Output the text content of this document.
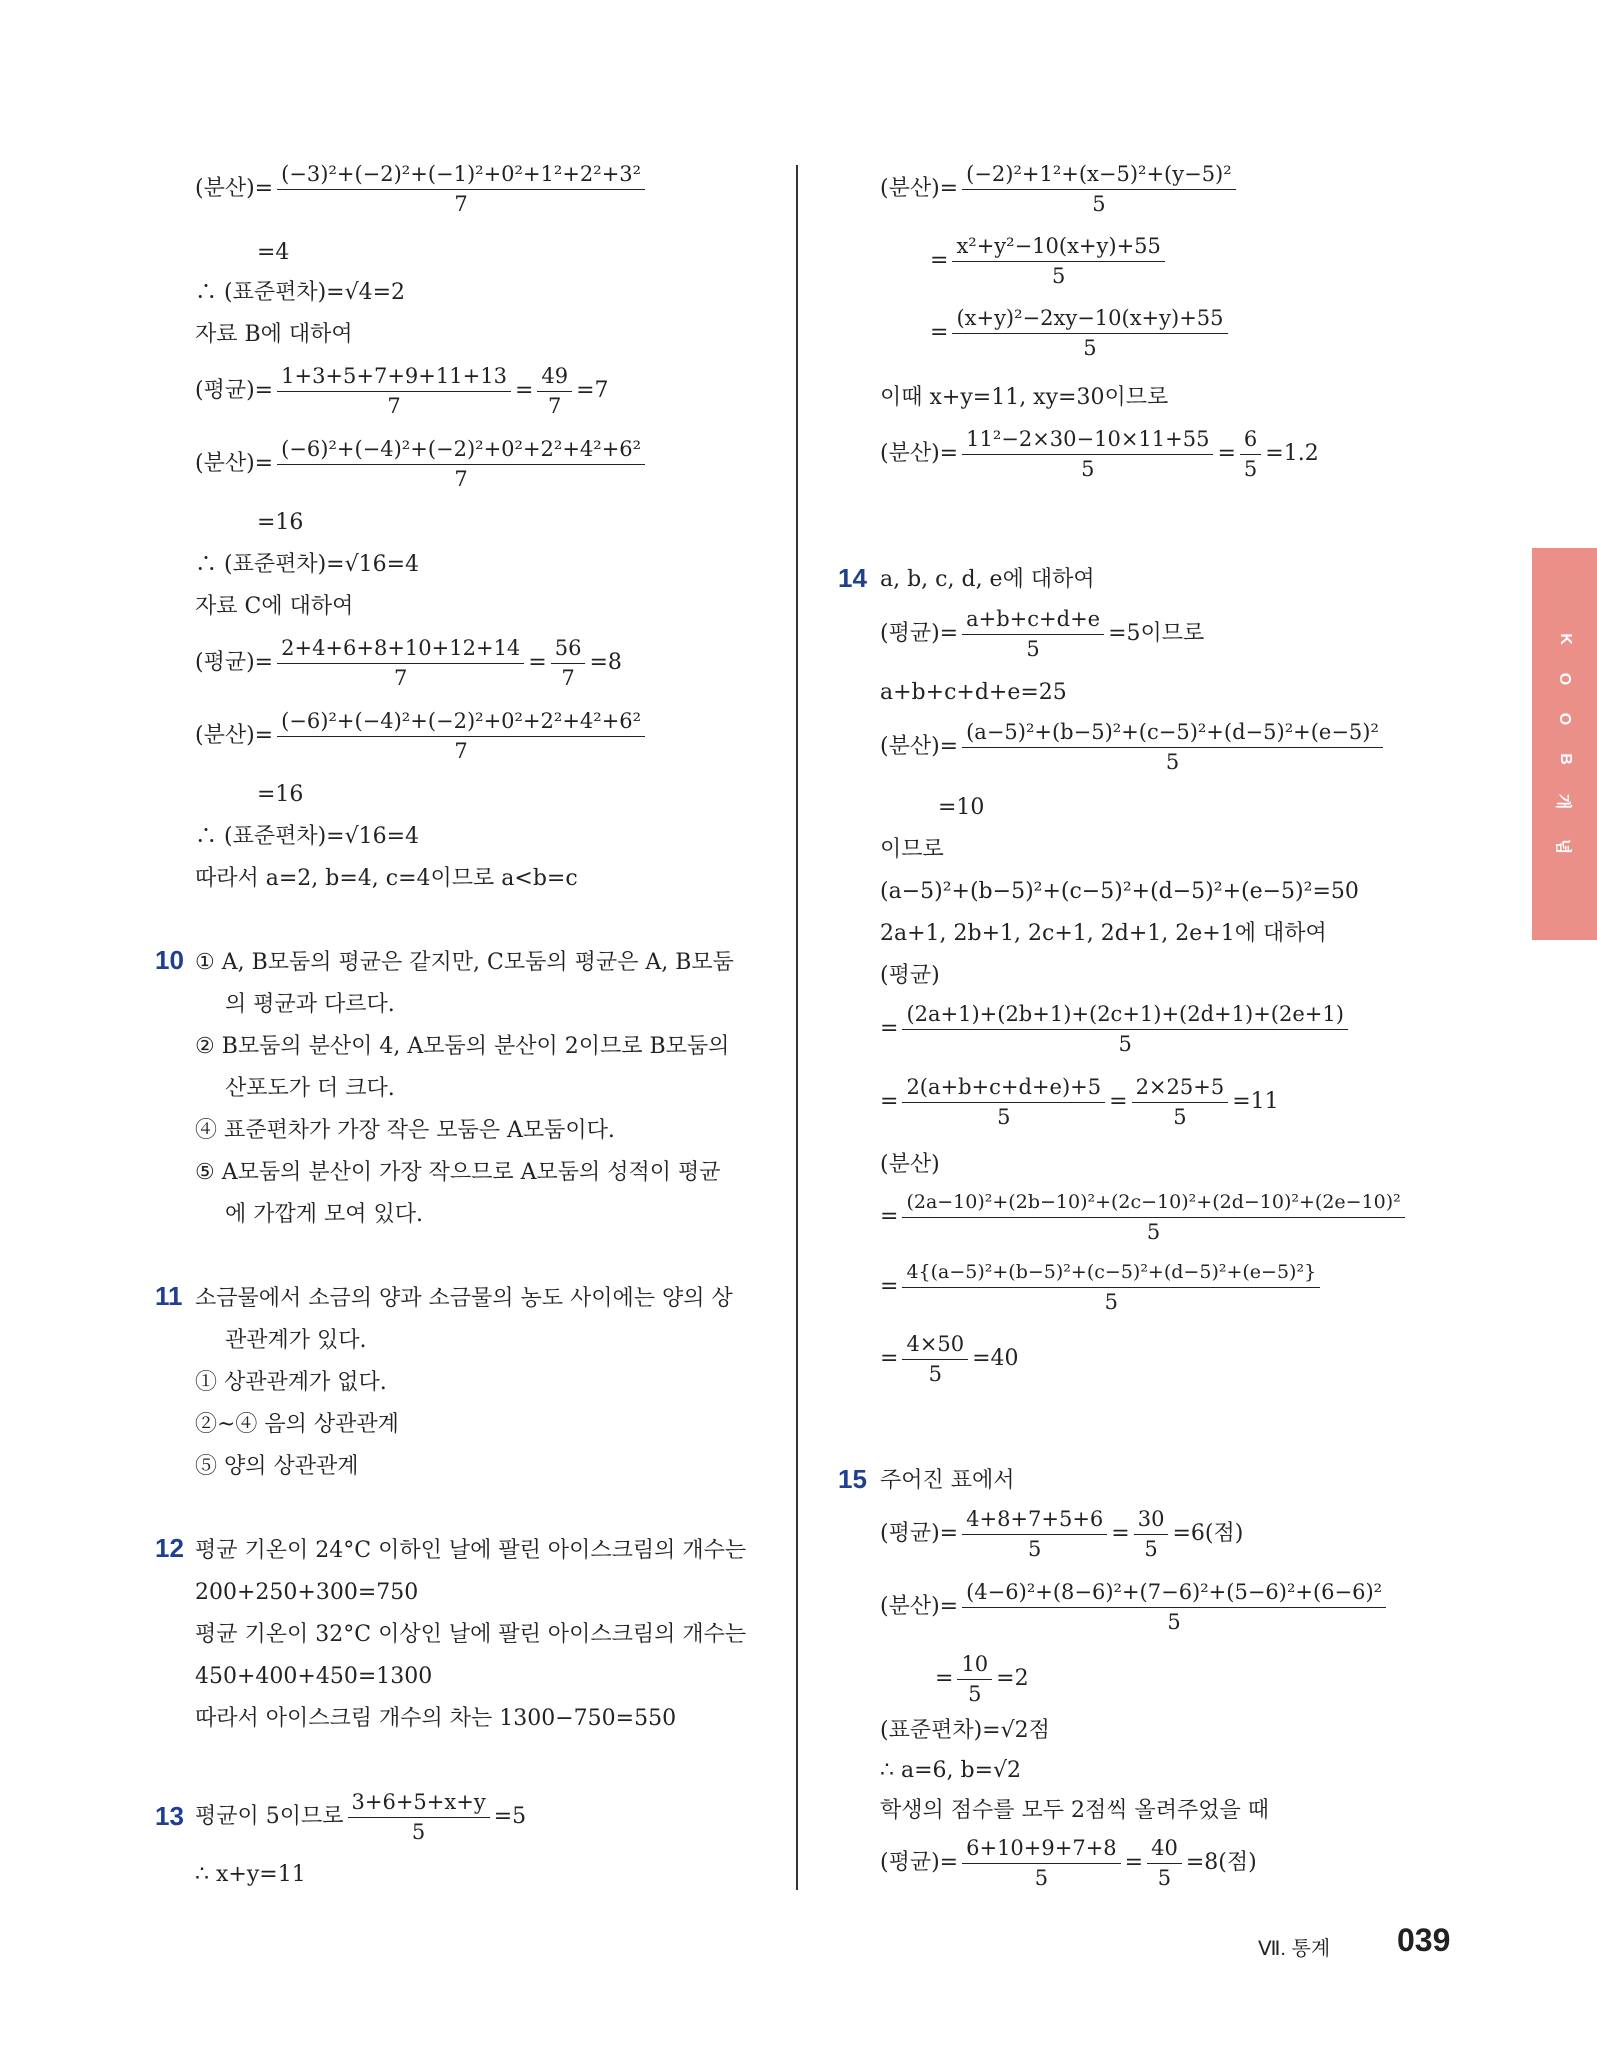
(분산)= $\frac{\text{(−3)²+(−2)²+(−1)²+0²+1²+2²+3²}}{7}$
=4
∴ (표준편차)=√4=2
자료 B에 대하여
(평균)= $\frac{1+3+5+7+9+11+13}{7} = \frac{49}{7} =7$
(분산)= $\frac{\text{(−6)²+(−4)²+(−2)²+0²+2²+4²+6²}}{7}$
=16
∴ (표준편차)=√16=4
자료 C에 대하여
(평균)= $\frac{2+4+6+8+10+12+14}{7} = \frac{56}{7} =8$
(분산)= $\frac{\text{(−6)²+(−4)²+(−2)²+0²+2²+4²+6²}}{7}$
=16
∴ (표준편차)=√16=4
따라서 a=2, b=4, c=4이므로 a<b=c
10 ① A, B모둠의 평균은 같지만, C모둠의 평균은 A, B모둠
의 평균과 다르다.
② B모둠의 분산이 4, A모둠의 분산이 2이므로 B모둠의
산포도가 더 크다.
④ 표준편차가 가장 작은 모둠은 A모둠이다.
⑤ A모둠의 분산이 가장 작으므로 A모둠의 성적이 평균
에 가깝게 모여 있다.
11 소금물에서 소금의 양과 소금물의 농도 사이에는 양의 상
관관계가 있다.
① 상관관계가 없다.
②~④ 음의 상관관계
⑤ 양의 상관관계
12 평균 기온이 24°C 이하인 날에 팔린 아이스크림의 개수는
200+250+300=750
평균 기온이 32°C 이상인 날에 팔린 아이스크림의 개수는
450+400+450=1300
따라서 아이스크림 개수의 차는 1300−750=550
13 평균이 5이므로 $\frac{3+6+5+x+y}{5} =5$
∴ x+y=11
(분산)= $\frac{\text{(−2)²+1²+(x−5)²+(y−5)²}}{5}$
= $\frac{\text{x²+y²−10(x+y)+55}}{5}$
= $\frac{\text{(x+y)²−2xy−10(x+y)+55}}{5}$
이때 x+y=11, xy=30이므로
(분산)= $\frac{\text{11²−2×30−10×11+55}}{5} = \frac{6}{5} =1.2$
14 a, b, c, d, e에 대하여
(평균)= $\frac{a+b+c+d+e}{5} =5$이므로
a+b+c+d+e=25
(분산)= $\frac{\text{(a−5)²+(b−5)²+(c−5)²+(d−5)²+(e−5)²}}{5}$
=10
이므로
(a−5)²+(b−5)²+(c−5)²+(d−5)²+(e−5)²=50
2a+1, 2b+1, 2c+1, 2d+1, 2e+1에 대하여
(평균)
= $\frac{(2a+1)+(2b+1)+(2c+1)+(2d+1)+(2e+1)}{5}$
= $\frac{2(a+b+c+d+e)+5}{5} = \frac{2\times 25+5}{5} =11$
(분산)
= $\frac{\text{(2a−10)²+(2b−10)²+(2c−10)²+(2d−10)²+(2e−10)²}}{5}$
= $\frac{\text{4\{(a−5)²+(b−5)²+(c−5)²+(d−5)²+(e−5)²\}}}{5}$
= $\frac{4\times 50}{5} =40$
15 주어진 표에서
(평균)= $\frac{4+8+7+5+6}{5} = \frac{30}{5} =6$(점)
(분산)= $\frac{\text{(4−6)²+(8−6)²+(7−6)²+(5−6)²+(6−6)²}}{5}$
= $\frac{10}{5} =2$
(표준편차)=√2점
∴ a=6, b=√2
학생의 점수를 모두 2점씩 올려주었을 때
(평균)= $\frac{6+10+9+7+8}{5} = \frac{40}{5} =8$(점)
K
O
O
B
개
념
Ⅶ. 통계 039
